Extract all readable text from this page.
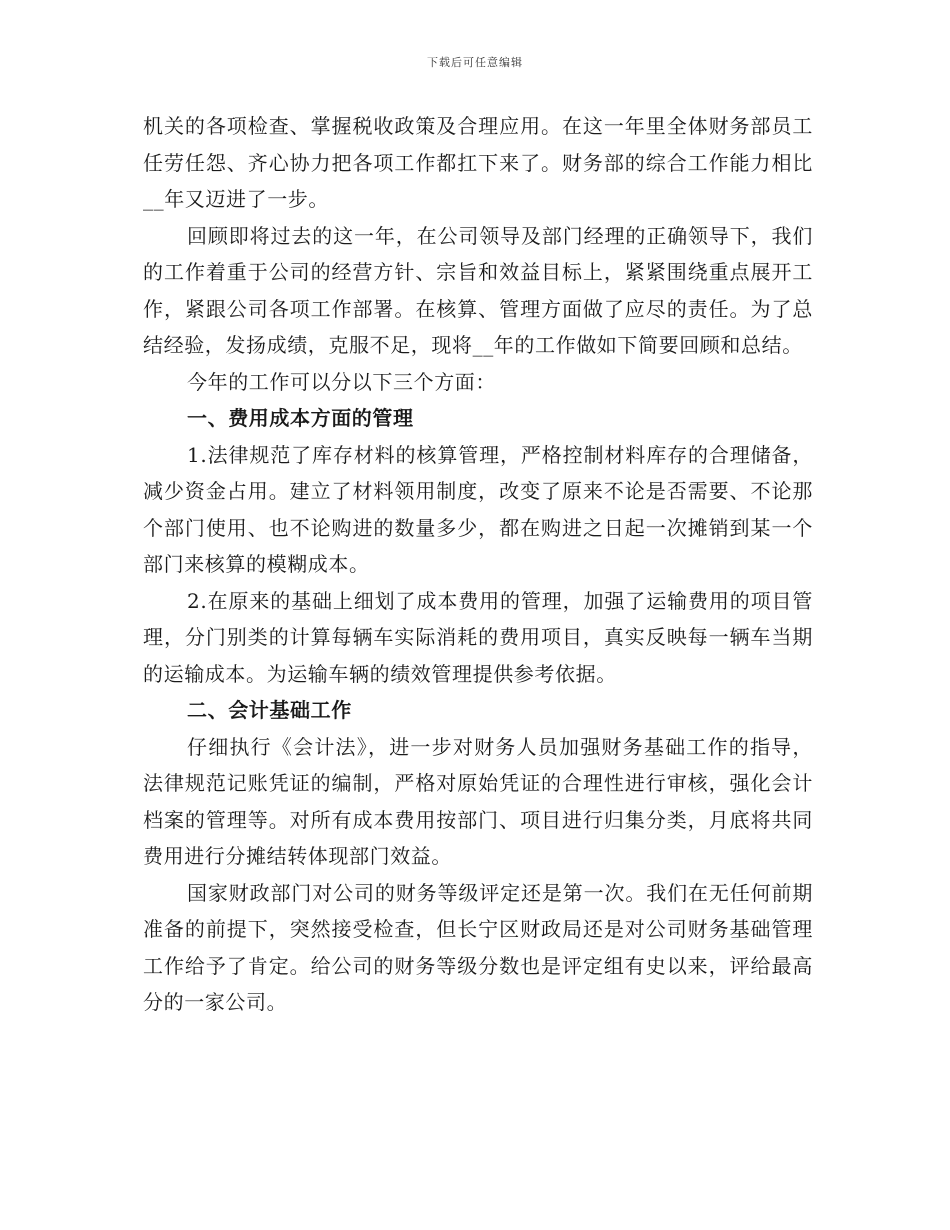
下载后可任意编辑

机关的各项检查、掌握税收政策及合理应用。在这一年里全体财务部员工任劳任怨、齐心协力把各项工作都扛下来了。财务部的综合工作能力相比__年又迈进了一步。

回顾即将过去的这一年，在公司领导及部门经理的正确领导下，我们的工作着重于公司的经营方针、宗旨和效益目标上，紧紧围绕重点展开工作，紧跟公司各项工作部署。在核算、管理方面做了应尽的责任。为了总结经验，发扬成绩，克服不足，现将__年的工作做如下简要回顾和总结。

今年的工作可以分以下三个方面：

一、费用成本方面的管理

1.法律规范了库存材料的核算管理，严格控制材料库存的合理储备，减少资金占用。建立了材料领用制度，改变了原来不论是否需要、不论那个部门使用、也不论购进的数量多少，都在购进之日起一次摊销到某一个部门来核算的模糊成本。

2.在原来的基础上细划了成本费用的管理，加强了运输费用的项目管理，分门别类的计算每辆车实际消耗的费用项目，真实反映每一辆车当期的运输成本。为运输车辆的绩效管理提供参考依据。

二、会计基础工作

仔细执行《会计法》，进一步对财务人员加强财务基础工作的指导，法律规范记账凭证的编制，严格对原始凭证的合理性进行审核，强化会计档案的管理等。对所有成本费用按部门、项目进行归集分类，月底将共同费用进行分摊结转体现部门效益。

国家财政部门对公司的财务等级评定还是第一次。我们在无任何前期准备的前提下，突然接受检查，但长宁区财政局还是对公司财务基础管理工作给予了肯定。给公司的财务等级分数也是评定组有史以来，评给最高分的一家公司。
